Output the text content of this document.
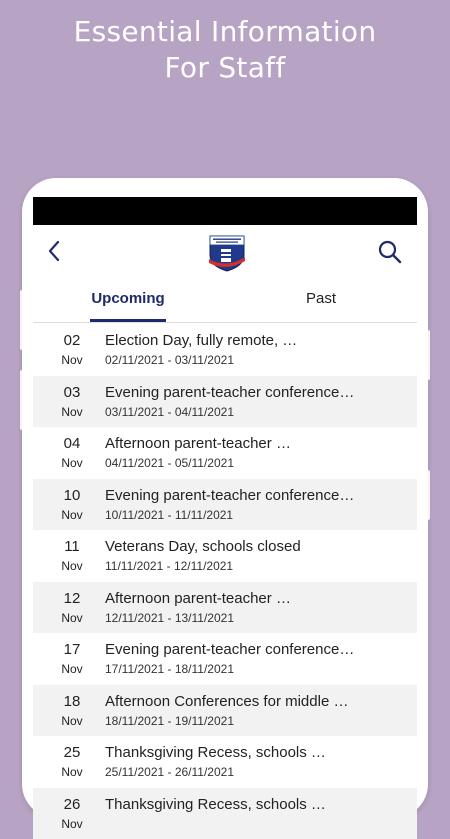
Essential Information
For Staff
Upcoming	Past
02
Nov
Election Day, fully remote, …
02/11/2021 - 03/11/2021
03
Nov
Evening parent-teacher conference…
03/11/2021 - 04/11/2021
04
Nov
Afternoon parent-teacher …
04/11/2021 - 05/11/2021
10
Nov
Evening parent-teacher conference…
10/11/2021 - 11/11/2021
11
Nov
Veterans Day, schools closed
11/11/2021 - 12/11/2021
12
Nov
Afternoon parent-teacher …
12/11/2021 - 13/11/2021
17
Nov
Evening parent-teacher conference…
17/11/2021 - 18/11/2021
18
Nov
Afternoon Conferences for middle …
18/11/2021 - 19/11/2021
25
Nov
Thanksgiving Recess, schools …
25/11/2021 - 26/11/2021
26
Nov
Thanksgiving Recess, schools …
